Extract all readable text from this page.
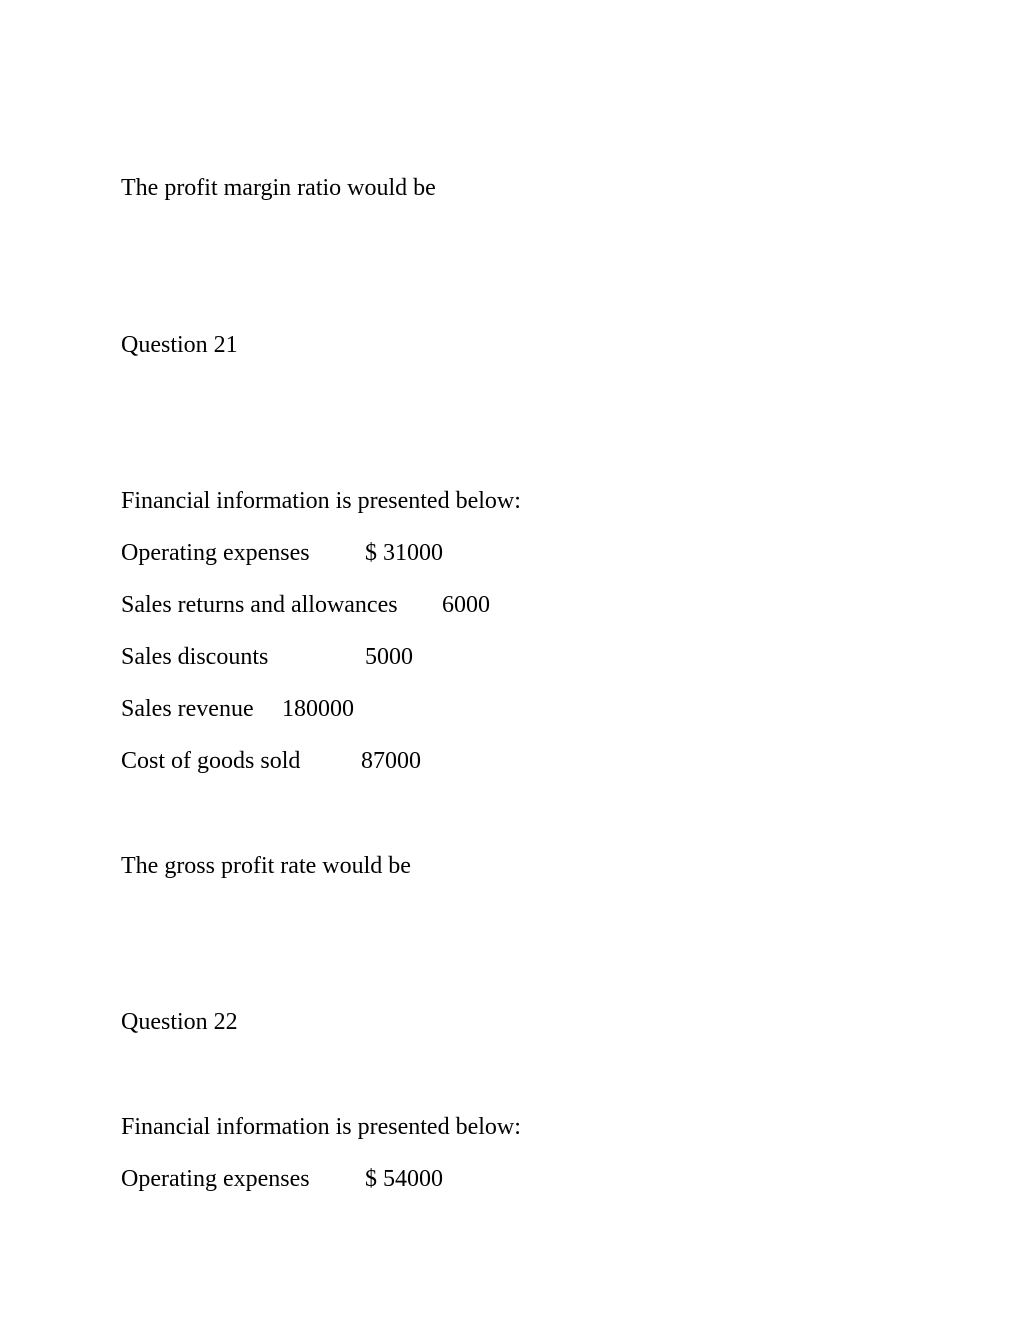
The profit margin ratio would be

Question 21

Financial information is presented below:

Operating expenses $ 31000

Sales returns and allowances 6000

Sales discounts	5000

Sales revenue 180000

Cost of goods sold	87000

The gross profit rate would be

Question 22

Financial information is presented below:

Operating expenses $ 54000
